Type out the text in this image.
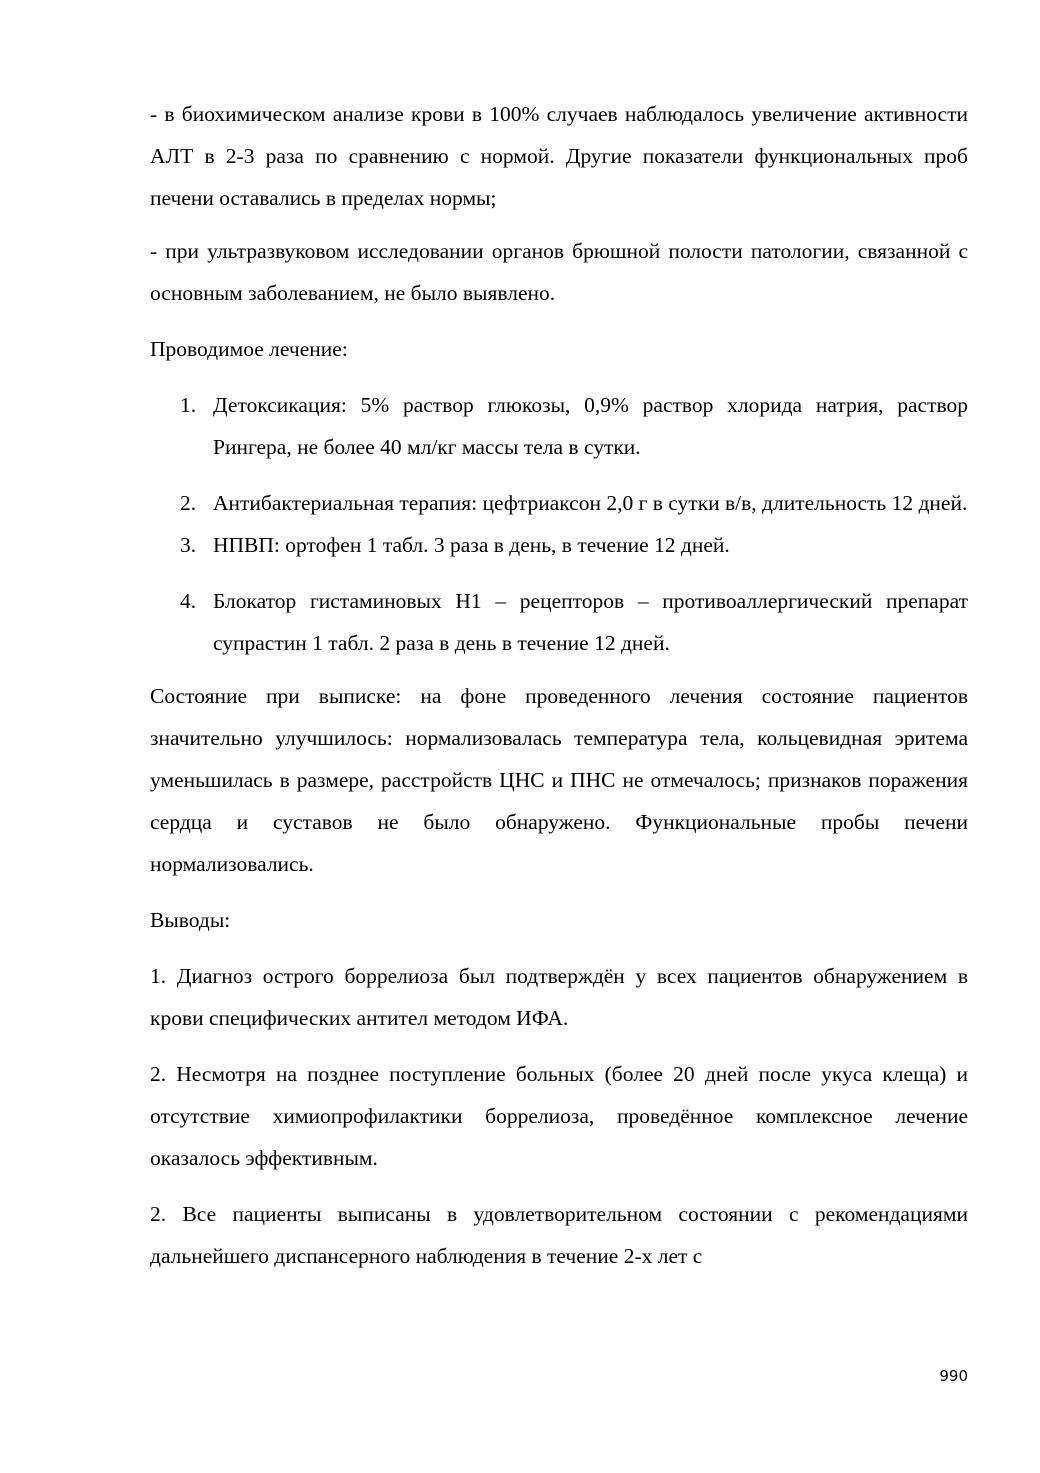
- в биохимическом анализе крови в 100% случаев наблюдалось увеличение активности АЛТ в 2-3 раза по сравнению с нормой. Другие показатели функциональных проб печени оставались в пределах нормы;

- при ультразвуковом исследовании органов брюшной полости патологии, связанной с основным заболеванием, не было выявлено.

Проводимое лечение:

1. Детоксикация: 5% раствор глюкозы, 0,9% раствор хлорида натрия, раствор Рингера, не более 40 мл/кг массы тела в сутки.
2. Антибактериальная терапия: цефтриаксон 2,0 г в сутки в/в, длительность 12 дней.
3. НПВП: ортофен 1 табл. 3 раза в день, в течение 12 дней.
4. Блокатор гистаминовых Н1 – рецепторов – противоаллергический препарат супрастин 1 табл. 2 раза в день в течение 12 дней.

Состояние при выписке: на фоне проведенного лечения состояние пациентов значительно улучшилось: нормализовалась температура тела, кольцевидная эритема уменьшилась в размере, расстройств ЦНС и ПНС не отмечалось; признаков поражения сердца и суставов не было обнаружено. Функциональные пробы печени нормализовались.

Выводы:

1. Диагноз острого боррелиоза был подтверждён у всех пациентов обнаружением в крови специфических антител методом ИФА.

2. Несмотря на позднее поступление больных (более 20 дней после укуса клеща) и отсутствие химиопрофилактики боррелиоза, проведённое комплексное лечение оказалось эффективным.

2. Все пациенты выписаны в удовлетворительном состоянии с рекомендациями дальнейшего диспансерного наблюдения в течение 2-х лет с

990
